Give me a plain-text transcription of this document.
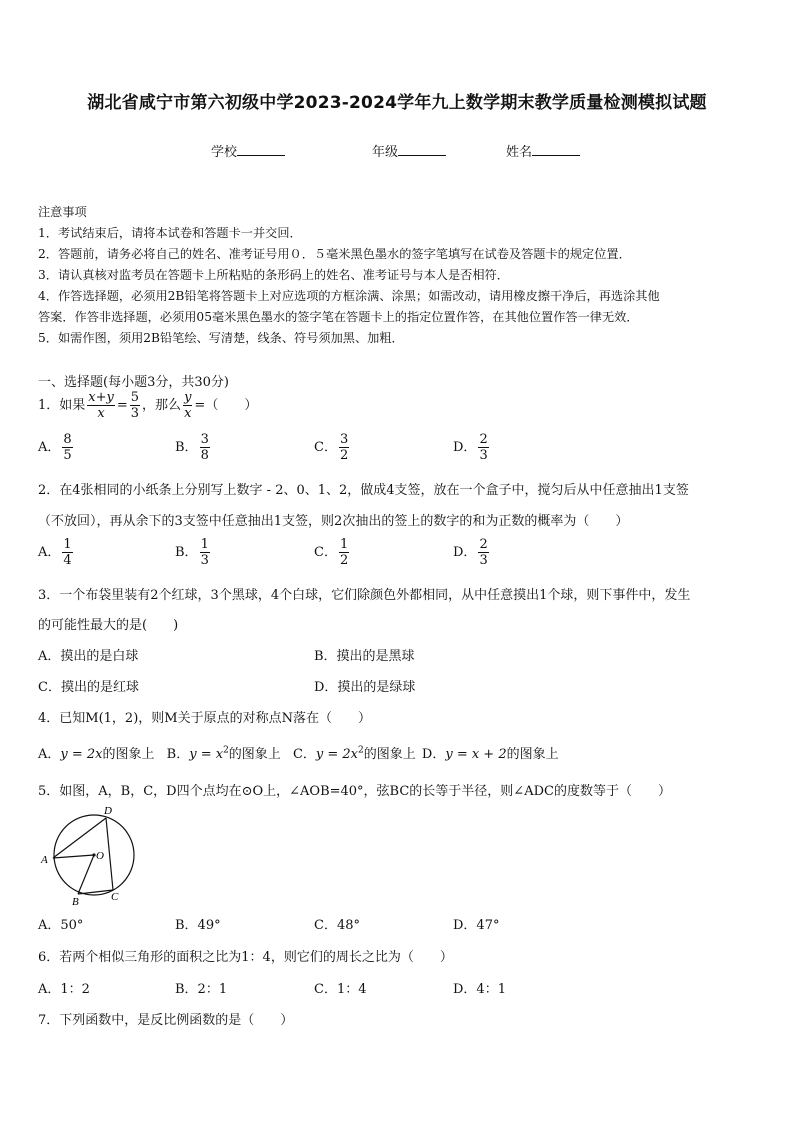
湖北省咸宁市第六初级中学2023-2024学年九上数学期末教学质量检测模拟试题
学校	年级	姓名
注意事项
1．考试结束后，请将本试卷和答题卡一并交回．
2．答题前，请务必将自己的姓名、准考证号用０．５毫米黑色墨水的签字笔填写在试卷及答题卡的规定位置．
3．请认真核对监考员在答题卡上所粘贴的条形码上的姓名、准考证号与本人是否相符．
4．作答选择题，必须用2B铅笔将答题卡上对应选项的方框涂满、涂黑；如需改动，请用橡皮擦干净后，再选涂其他
答案．作答非选择题，必须用05毫米黑色墨水的签字笔在答题卡上的指定位置作答，在其他位置作答一律无效．
5．如需作图，须用2B铅笔绘、写清楚，线条、符号须加黑、加粗．
一、选择题(每小题3分，共30分)
1．如果 $\frac{x+y}{x} = \frac{5}{3}$ ，那么 $\frac{y}{x}$ =（　　）
A． $\frac{8}{5}$	B． $\frac{3}{8}$	C． $\frac{3}{2}$	D． $\frac{2}{3}$
2．在4张相同的小纸条上分别写上数字 - 2、0、1、2，做成4支签，放在一个盒子中，搅匀后从中任意抽出1支签
（不放回），再从余下的3支签中任意抽出1支签，则2次抽出的签上的数字的和为正数的概率为（　　）
A． $\frac{1}{4}$	B． $\frac{1}{3}$	C． $\frac{1}{2}$	D． $\frac{2}{3}$
3．一个布袋里装有2个红球，3个黑球，4个白球，它们除颜色外都相同，从中任意摸出1个球，则下事件中，发生
的可能性最大的是(　　)
A．摸出的是白球	B．摸出的是黑球
C．摸出的是红球	D．摸出的是绿球
4．已知M(1，2)，则M关于原点的对称点N落在（　　）
A．y = 2x的图象上 B．$y = x^2$的图象上 C．$y = 2x^2$的图象上 D．y = x + 2的图象上
5．如图，A，B，C，D四个点均在⊙O上，∠AOB=40°，弦BC的长等于半径，则∠ADC的度数等于（　　）
D
A	O
B	C
A．50°	B．49°	C．48°	D．47°
6．若两个相似三角形的面积之比为1：4，则它们的周长之比为（　　）
A．1：2	B．2：1	C．1：4	D．4：1
7．下列函数中，是反比例函数的是（　　）
